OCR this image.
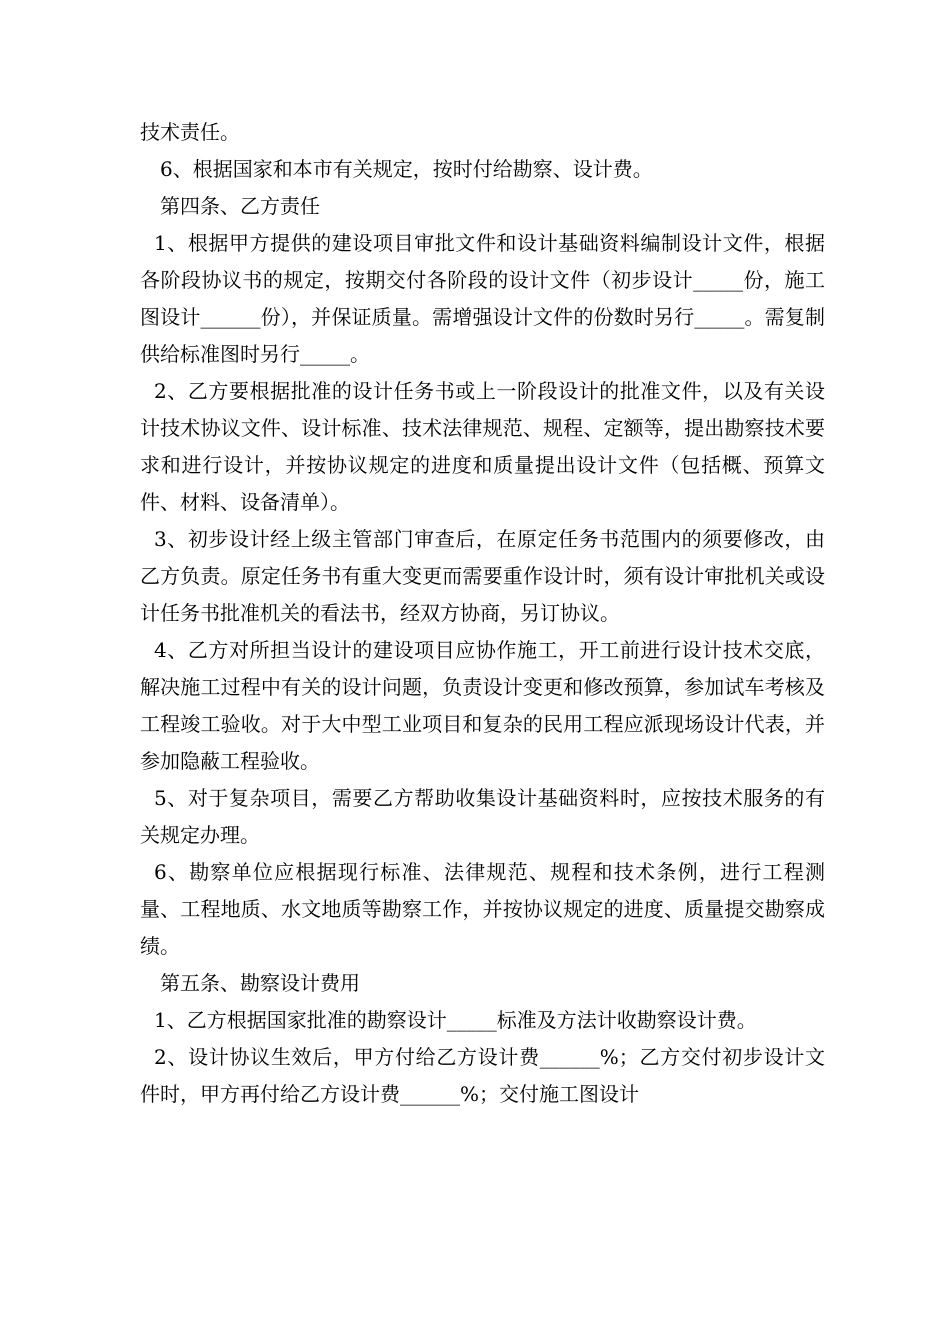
技术责任。

6、根据国家和本市有关规定，按时付给勘察、设计费。

第四条、乙方责任

1、根据甲方提供的建设项目审批文件和设计基础资料编制设计文件，根据各阶段协议书的规定，按期交付各阶段的设计文件（初步设计_____份，施工图设计______份），并保证质量。需增强设计文件的份数时另行_____。需复制供给标准图时另行_____。

2、乙方要根据批准的设计任务书或上一阶段设计的批准文件，以及有关设计技术协议文件、设计标准、技术法律规范、规程、定额等，提出勘察技术要求和进行设计，并按协议规定的进度和质量提出设计文件（包括概、预算文件、材料、设备清单）。

3、初步设计经上级主管部门审查后，在原定任务书范围内的须要修改，由乙方负责。原定任务书有重大变更而需要重作设计时，须有设计审批机关或设计任务书批准机关的看法书，经双方协商，另订协议。

4、乙方对所担当设计的建设项目应协作施工，开工前进行设计技术交底，解决施工过程中有关的设计问题，负责设计变更和修改预算，参加试车考核及工程竣工验收。对于大中型工业项目和复杂的民用工程应派现场设计代表，并参加隐蔽工程验收。

5、对于复杂项目，需要乙方帮助收集设计基础资料时，应按技术服务的有关规定办理。

6、勘察单位应根据现行标准、法律规范、规程和技术条例，进行工程测量、工程地质、水文地质等勘察工作，并按协议规定的进度、质量提交勘察成绩。

第五条、勘察设计费用

1、乙方根据国家批准的勘察设计_____标准及方法计收勘察设计费。

2、设计协议生效后，甲方付给乙方设计费______%；乙方交付初步设计文件时，甲方再付给乙方设计费______%；交付施工图设计
